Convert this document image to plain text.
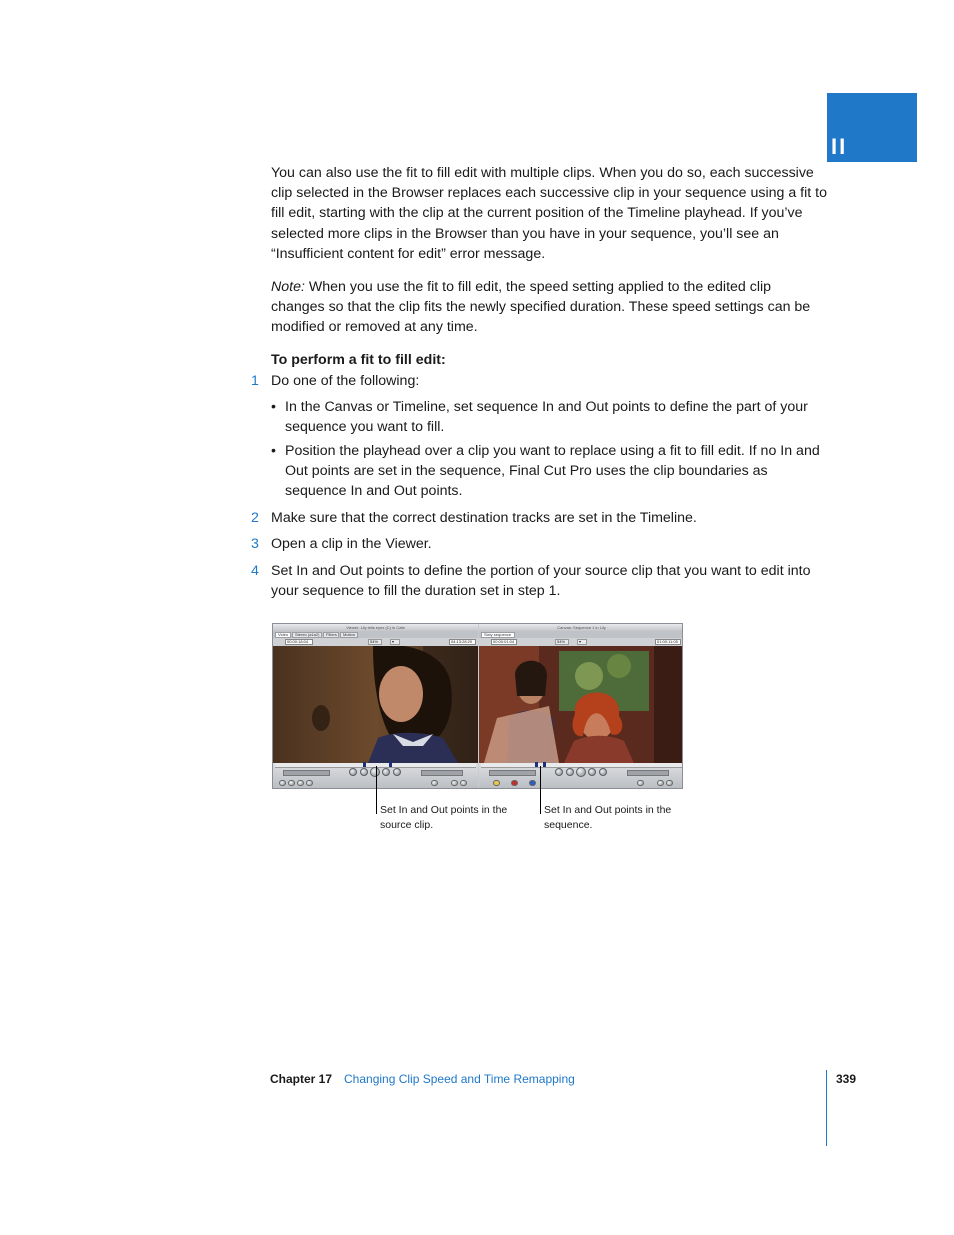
II

You can also use the fit to fill edit with multiple clips. When you do so, each successive clip selected in the Browser replaces each successive clip in your sequence using a fit to fill edit, starting with the clip at the current position of the Timeline playhead. If you’ve selected more clips in the Browser than you have in your sequence, you’ll see an “Insufficient content for edit” error message.

Note: When you use the fit to fill edit, the speed setting applied to the edited clip changes so that the clip fits the newly specified duration. These speed settings can be modified or removed at any time.

To perform a fit to fill edit:

1 Do one of the following:

• In the Canvas or Timeline, set sequence In and Out points to define the part of your sequence you want to fill.

• Position the playhead over a clip you want to replace using a fit to fill edit. If no In and Out points are set in the sequence, Final Cut Pro uses the clip boundaries as sequence In and Out points.

2 Make sure that the correct destination tracks are set in the Timeline.

3 Open a clip in the Viewer.

4 Set In and Out points to define the portion of your source clip that you want to edit into your sequence to fill the duration set in step 1.

Viewer: Lily tells eyes (C) in Cafe
Video	Stereo (a1a2)	Filters	Motion
00:00:18:04	54%	▾	04:13:28:20
Canvas: Sequence 1 in Lily
Sixty sequence
00:00:01:04	54%	▾	01:00:11:05
Set In and Out points in the source clip.
Set In and Out points in the sequence.
Chapter 17 Changing Clip Speed and Time Remapping	339
